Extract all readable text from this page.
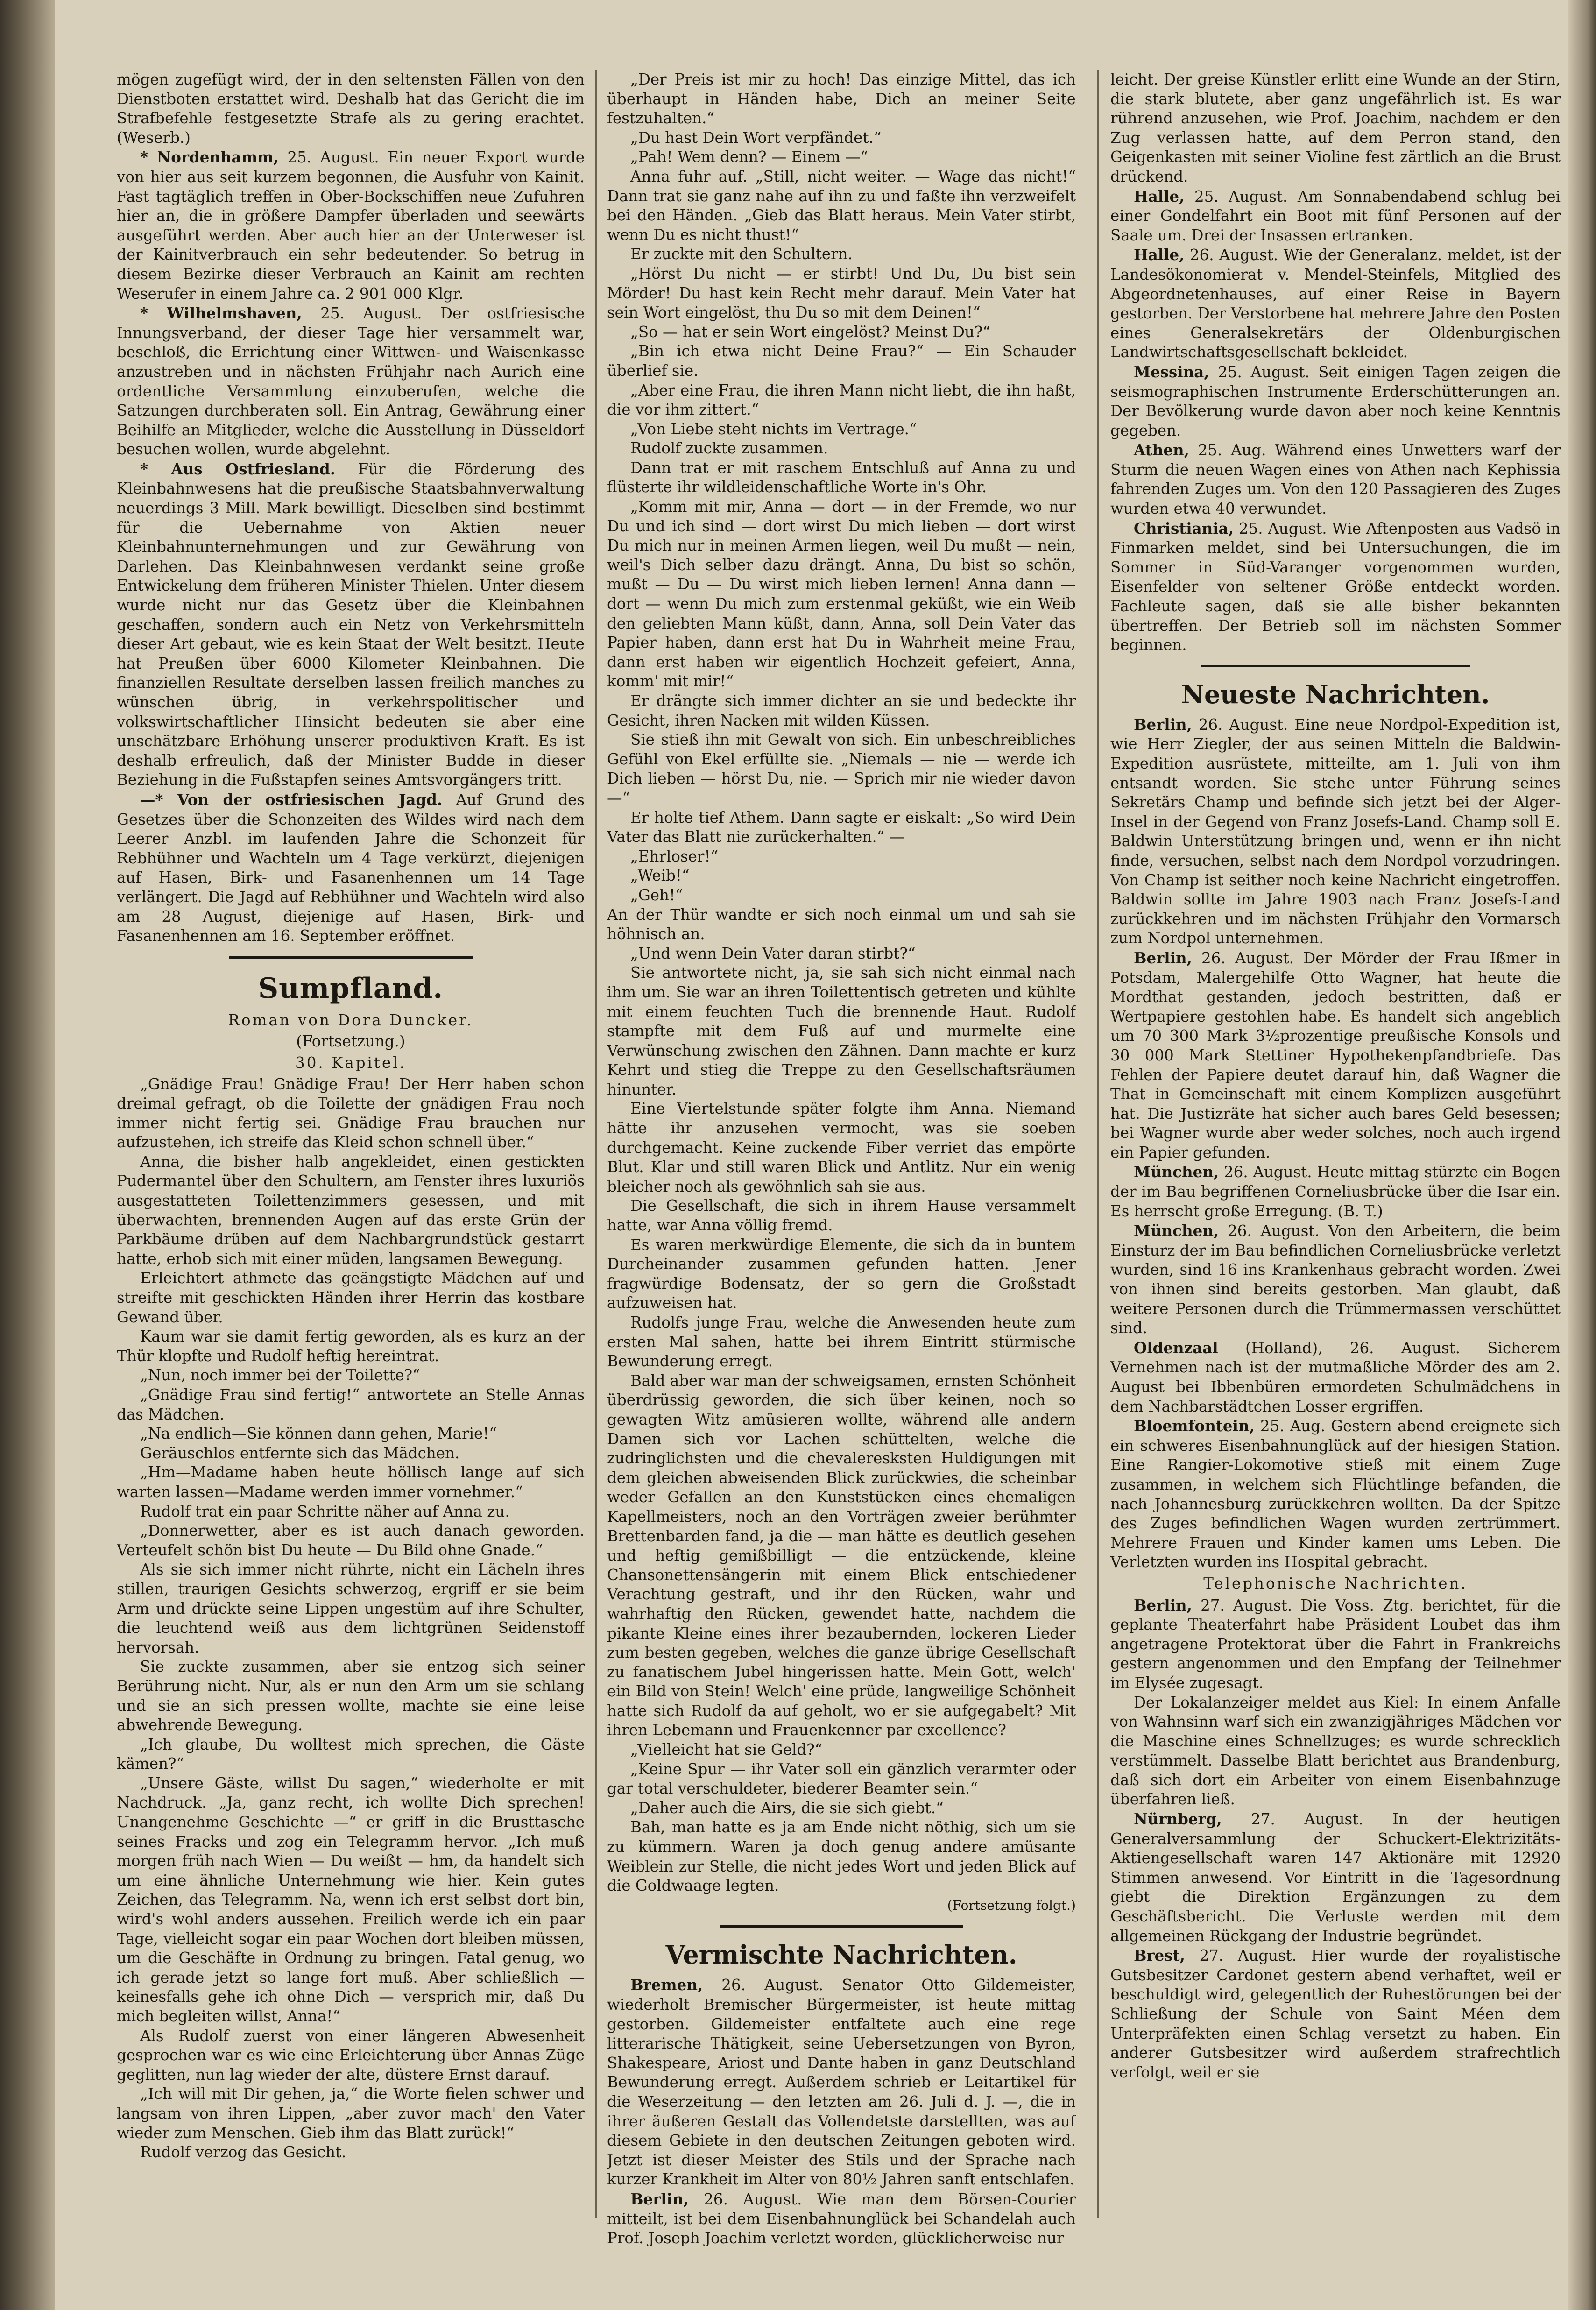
mögen zugefügt wird, der in den seltensten Fällen von den Dienstboten erstattet wird. Deshalb hat das Gericht die im Strafbefehle festgesetzte Strafe als zu gering erachtet. (Weserb.)

* Nordenhamm, 25. August. Ein neuer Export wurde von hier aus seit kurzem begonnen, die Ausfuhr von Kainit. Fast tagtäglich treffen in Ober-Bockschiffen neue Zufuhren hier an, die in größere Dampfer überladen und seewärts ausgeführt werden. Aber auch hier an der Unterweser ist der Kainitverbrauch ein sehr bedeutender. So betrug in diesem Bezirke dieser Verbrauch an Kainit am rechten Weserufer in einem Jahre ca. 2 901 000 Klgr.

* Wilhelmshaven, 25. August. Der ostfriesische Innungsverband, der dieser Tage hier versammelt war, beschloß, die Errichtung einer Wittwen- und Waisenkasse anzustreben und in nächsten Frühjahr nach Aurich eine ordentliche Versammlung einzuberufen, welche die Satzungen durchberaten soll. Ein Antrag, Gewährung einer Beihilfe an Mitglieder, welche die Ausstellung in Düsseldorf besuchen wollen, wurde abgelehnt.

* Aus Ostfriesland. Für die Förderung des Kleinbahnwesens hat die preußische Staatsbahnverwaltung neuerdings 3 Mill. Mark bewilligt. Dieselben sind bestimmt für die Uebernahme von Aktien neuer Kleinbahnunternehmungen und zur Gewährung von Darlehen. Das Kleinbahnwesen verdankt seine große Entwickelung dem früheren Minister Thielen. Unter diesem wurde nicht nur das Gesetz über die Kleinbahnen geschaffen, sondern auch ein Netz von Verkehrsmitteln dieser Art gebaut, wie es kein Staat der Welt besitzt. Heute hat Preußen über 6000 Kilometer Kleinbahnen. Die finanziellen Resultate derselben lassen freilich manches zu wünschen übrig, in verkehrspolitischer und volkswirtschaftlicher Hinsicht bedeuten sie aber eine unschätzbare Erhöhung unserer produktiven Kraft. Es ist deshalb erfreulich, daß der Minister Budde in dieser Beziehung in die Fußstapfen seines Amtsvorgängers tritt.

—* Von der ostfriesischen Jagd. Auf Grund des Gesetzes über die Schonzeiten des Wildes wird nach dem Leerer Anzbl. im laufenden Jahre die Schonzeit für Rebhühner und Wachteln um 4 Tage verkürzt, diejenigen auf Hasen, Birk- und Fasanenhennen um 14 Tage verlängert. Die Jagd auf Rebhühner und Wachteln wird also am 28 August, diejenige auf Hasen, Birk- und Fasanenhennen am 16. September eröffnet.

Sumpfland.

Roman von Dora Duncker.

(Fortsetzung.)

30. Kapitel.

„Gnädige Frau! Gnädige Frau! Der Herr haben schon dreimal gefragt, ob die Toilette der gnädigen Frau noch immer nicht fertig sei. Gnädige Frau brauchen nur aufzustehen, ich streife das Kleid schon schnell über.“

Anna, die bisher halb angekleidet, einen gestickten Pudermantel über den Schultern, am Fenster ihres luxuriös ausgestatteten Toilettenzimmers gesessen, und mit überwachten, brennenden Augen auf das erste Grün der Parkbäume drüben auf dem Nachbargrundstück gestarrt hatte, erhob sich mit einer müden, langsamen Bewegung.

Erleichtert athmete das geängstigte Mädchen auf und streifte mit geschickten Händen ihrer Herrin das kostbare Gewand über.

Kaum war sie damit fertig geworden, als es kurz an der Thür klopfte und Rudolf heftig hereintrat.

„Nun, noch immer bei der Toilette?“

„Gnädige Frau sind fertig!“ antwortete an Stelle Annas das Mädchen.

„Na endlich—Sie können dann gehen, Marie!“

Geräuschlos entfernte sich das Mädchen.

„Hm—Madame haben heute höllisch lange auf sich warten lassen—Madame werden immer vornehmer.“

Rudolf trat ein paar Schritte näher auf Anna zu.

„Donnerwetter, aber es ist auch danach geworden. Verteufelt schön bist Du heute — Du Bild ohne Gnade.“

Als sie sich immer nicht rührte, nicht ein Lächeln ihres stillen, traurigen Gesichts schwerzog, ergriff er sie beim Arm und drückte seine Lippen ungestüm auf ihre Schulter, die leuchtend weiß aus dem lichtgrünen Seidenstoff hervorsah.

Sie zuckte zusammen, aber sie entzog sich seiner Berührung nicht. Nur, als er nun den Arm um sie schlang und sie an sich pressen wollte, machte sie eine leise abwehrende Bewegung.

„Ich glaube, Du wolltest mich sprechen, die Gäste kämen?“

„Unsere Gäste, willst Du sagen,“ wiederholte er mit Nachdruck. „Ja, ganz recht, ich wollte Dich sprechen! Unangenehme Geschichte —“ er griff in die Brusttasche seines Fracks und zog ein Telegramm hervor. „Ich muß morgen früh nach Wien — Du weißt — hm, da handelt sich um eine ähnliche Unternehmung wie hier. Kein gutes Zeichen, das Telegramm. Na, wenn ich erst selbst dort bin, wird's wohl anders aussehen. Freilich werde ich ein paar Tage, vielleicht sogar ein paar Wochen dort bleiben müssen, um die Geschäfte in Ordnung zu bringen. Fatal genug, wo ich gerade jetzt so lange fort muß. Aber schließlich — keinesfalls gehe ich ohne Dich — versprich mir, daß Du mich begleiten willst, Anna!“

Als Rudolf zuerst von einer längeren Abwesenheit gesprochen war es wie eine Erleichterung über Annas Züge geglitten, nun lag wieder der alte, düstere Ernst darauf.

„Ich will mit Dir gehen, ja,“ die Worte fielen schwer und langsam von ihren Lippen, „aber zuvor mach' den Vater wieder zum Menschen. Gieb ihm das Blatt zurück!“

Rudolf verzog das Gesicht.

„Der Preis ist mir zu hoch! Das einzige Mittel, das ich überhaupt in Händen habe, Dich an meiner Seite festzuhalten.“

„Du hast Dein Wort verpfändet.“

„Pah! Wem denn? — Einem —“

Anna fuhr auf. „Still, nicht weiter. — Wage das nicht!“ Dann trat sie ganz nahe auf ihn zu und faßte ihn verzweifelt bei den Händen. „Gieb das Blatt heraus. Mein Vater stirbt, wenn Du es nicht thust!“

Er zuckte mit den Schultern.

„Hörst Du nicht — er stirbt! Und Du, Du bist sein Mörder! Du hast kein Recht mehr darauf. Mein Vater hat sein Wort eingelöst, thu Du so mit dem Deinen!“

„So — hat er sein Wort eingelöst? Meinst Du?“

„Bin ich etwa nicht Deine Frau?“ — Ein Schauder überlief sie.

„Aber eine Frau, die ihren Mann nicht liebt, die ihn haßt, die vor ihm zittert.“

„Von Liebe steht nichts im Vertrage.“

Rudolf zuckte zusammen.

Dann trat er mit raschem Entschluß auf Anna zu und flüsterte ihr wildleidenschaftliche Worte in's Ohr.

„Komm mit mir, Anna — dort — in der Fremde, wo nur Du und ich sind — dort wirst Du mich lieben — dort wirst Du mich nur in meinen Armen liegen, weil Du mußt — nein, weil's Dich selber dazu drängt. Anna, Du bist so schön, mußt — Du — Du wirst mich lieben lernen! Anna dann — dort — wenn Du mich zum erstenmal geküßt, wie ein Weib den geliebten Mann küßt, dann, Anna, soll Dein Vater das Papier haben, dann erst hat Du in Wahrheit meine Frau, dann erst haben wir eigentlich Hochzeit gefeiert, Anna, komm' mit mir!“

Er drängte sich immer dichter an sie und bedeckte ihr Gesicht, ihren Nacken mit wilden Küssen.

Sie stieß ihn mit Gewalt von sich. Ein unbeschreibliches Gefühl von Ekel erfüllte sie. „Niemals — nie — werde ich Dich lieben — hörst Du, nie. — Sprich mir nie wieder davon —“

Er holte tief Athem. Dann sagte er eiskalt: „So wird Dein Vater das Blatt nie zurückerhalten.“ —

„Ehrloser!“

„Weib!“

„Geh!“

An der Thür wandte er sich noch einmal um und sah sie höhnisch an.

„Und wenn Dein Vater daran stirbt?“

Sie antwortete nicht, ja, sie sah sich nicht einmal nach ihm um. Sie war an ihren Toilettentisch getreten und kühlte mit einem feuchten Tuch die brennende Haut. Rudolf stampfte mit dem Fuß auf und murmelte eine Verwünschung zwischen den Zähnen. Dann machte er kurz Kehrt und stieg die Treppe zu den Gesellschaftsräumen hinunter.

Eine Viertelstunde später folgte ihm Anna. Niemand hätte ihr anzusehen vermocht, was sie soeben durchgemacht. Keine zuckende Fiber verriet das empörte Blut. Klar und still waren Blick und Antlitz. Nur ein wenig bleicher noch als gewöhnlich sah sie aus.

Die Gesellschaft, die sich in ihrem Hause versammelt hatte, war Anna völlig fremd.

Es waren merkwürdige Elemente, die sich da in buntem Durcheinander zusammen gefunden hatten. Jener fragwürdige Bodensatz, der so gern die Großstadt aufzuweisen hat.

Rudolfs junge Frau, welche die Anwesenden heute zum ersten Mal sahen, hatte bei ihrem Eintritt stürmische Bewunderung erregt.

Bald aber war man der schweigsamen, ernsten Schönheit überdrüssig geworden, die sich über keinen, noch so gewagten Witz amüsieren wollte, während alle andern Damen sich vor Lachen schüttelten, welche die zudringlichsten und die chevaleresksten Huldigungen mit dem gleichen abweisenden Blick zurückwies, die scheinbar weder Gefallen an den Kunststücken eines ehemaligen Kapellmeisters, noch an den Vorträgen zweier berühmter Brettenbarden fand, ja die — man hätte es deutlich gesehen und heftig gemißbilligt — die entzückende, kleine Chansonettensängerin mit einem Blick entschiedener Verachtung gestraft, und ihr den Rücken, wahr und wahrhaftig den Rücken, gewendet hatte, nachdem die pikante Kleine eines ihrer bezaubernden, lockeren Lieder zum besten gegeben, welches die ganze übrige Gesellschaft zu fanatischem Jubel hingerissen hatte. Mein Gott, welch' ein Bild von Stein! Welch' eine prüde, langweilige Schönheit hatte sich Rudolf da auf geholt, wo er sie aufgegabelt? Mit ihren Lebemann und Frauenkenner par excellence?

„Vielleicht hat sie Geld?“

„Keine Spur — ihr Vater soll ein gänzlich verarmter oder gar total verschuldeter, biederer Beamter sein.“

„Daher auch die Airs, die sie sich giebt.“

Bah, man hatte es ja am Ende nicht nöthig, sich um sie zu kümmern. Waren ja doch genug andere amüsante Weiblein zur Stelle, die nicht jedes Wort und jeden Blick auf die Goldwaage legten.

(Fortsetzung folgt.)

Vermischte Nachrichten.

Bremen, 26. August. Senator Otto Gildemeister, wiederholt Bremischer Bürgermeister, ist heute mittag gestorben. Gildemeister entfaltete auch eine rege litterarische Thätigkeit, seine Uebersetzungen von Byron, Shakespeare, Ariost und Dante haben in ganz Deutschland Bewunderung erregt. Außerdem schrieb er Leitartikel für die Weserzeitung — den letzten am 26. Juli d. J. —, die in ihrer äußeren Gestalt das Vollendetste darstellten, was auf diesem Gebiete in den deutschen Zeitungen geboten wird. Jetzt ist dieser Meister des Stils und der Sprache nach kurzer Krankheit im Alter von 80½ Jahren sanft entschlafen.

Berlin, 26. August. Wie man dem Börsen-Courier mitteilt, ist bei dem Eisenbahnunglück bei Schandelah auch Prof. Joseph Joachim verletzt worden, glücklicherweise nur

leicht. Der greise Künstler erlitt eine Wunde an der Stirn, die stark blutete, aber ganz ungefährlich ist. Es war rührend anzusehen, wie Prof. Joachim, nachdem er den Zug verlassen hatte, auf dem Perron stand, den Geigenkasten mit seiner Violine fest zärtlich an die Brust drückend.

Halle, 25. August. Am Sonnabendabend schlug bei einer Gondelfahrt ein Boot mit fünf Personen auf der Saale um. Drei der Insassen ertranken.

Halle, 26. August. Wie der Generalanz. meldet, ist der Landesökonomierat v. Mendel-Steinfels, Mitglied des Abgeordnetenhauses, auf einer Reise in Bayern gestorben. Der Verstorbene hat mehrere Jahre den Posten eines Generalsekretärs der Oldenburgischen Landwirtschaftsgesellschaft bekleidet.

Messina, 25. August. Seit einigen Tagen zeigen die seismographischen Instrumente Erderschütterungen an. Der Bevölkerung wurde davon aber noch keine Kenntnis gegeben.

Athen, 25. Aug. Während eines Unwetters warf der Sturm die neuen Wagen eines von Athen nach Kephissia fahrenden Zuges um. Von den 120 Passagieren des Zuges wurden etwa 40 verwundet.

Christiania, 25. August. Wie Aftenposten aus Vadsö in Finmarken meldet, sind bei Untersuchungen, die im Sommer in Süd-Varanger vorgenommen wurden, Eisenfelder von seltener Größe entdeckt worden. Fachleute sagen, daß sie alle bisher bekannten übertreffen. Der Betrieb soll im nächsten Sommer beginnen.

Neueste Nachrichten.

Berlin, 26. August. Eine neue Nordpol-Expedition ist, wie Herr Ziegler, der aus seinen Mitteln die Baldwin-Expedition ausrüstete, mitteilte, am 1. Juli von ihm entsandt worden. Sie stehe unter Führung seines Sekretärs Champ und befinde sich jetzt bei der Alger-Insel in der Gegend von Franz Josefs-Land. Champ soll E. Baldwin Unterstützung bringen und, wenn er ihn nicht finde, versuchen, selbst nach dem Nordpol vorzudringen. Von Champ ist seither noch keine Nachricht eingetroffen. Baldwin sollte im Jahre 1903 nach Franz Josefs-Land zurückkehren und im nächsten Frühjahr den Vormarsch zum Nordpol unternehmen.

Berlin, 26. August. Der Mörder der Frau Ißmer in Potsdam, Malergehilfe Otto Wagner, hat heute die Mordthat gestanden, jedoch bestritten, daß er Wertpapiere gestohlen habe. Es handelt sich angeblich um 70 300 Mark 3½prozentige preußische Konsols und 30 000 Mark Stettiner Hypothekenpfandbriefe. Das Fehlen der Papiere deutet darauf hin, daß Wagner die That in Gemeinschaft mit einem Komplizen ausgeführt hat. Die Justizräte hat sicher auch bares Geld besessen; bei Wagner wurde aber weder solches, noch auch irgend ein Papier gefunden.

München, 26. August. Heute mittag stürzte ein Bogen der im Bau begriffenen Corneliusbrücke über die Isar ein. Es herrscht große Erregung. (B. T.)

München, 26. August. Von den Arbeitern, die beim Einsturz der im Bau befindlichen Corneliusbrücke verletzt wurden, sind 16 ins Krankenhaus gebracht worden. Zwei von ihnen sind bereits gestorben. Man glaubt, daß weitere Personen durch die Trümmermassen verschüttet sind.

Oldenzaal (Holland), 26. August. Sicherem Vernehmen nach ist der mutmaßliche Mörder des am 2. August bei Ibbenbüren ermordeten Schulmädchens in dem Nachbarstädtchen Losser ergriffen.

Bloemfontein, 25. Aug. Gestern abend ereignete sich ein schweres Eisenbahnunglück auf der hiesigen Station. Eine Rangier-Lokomotive stieß mit einem Zuge zusammen, in welchem sich Flüchtlinge befanden, die nach Johannesburg zurückkehren wollten. Da der Spitze des Zuges befindlichen Wagen wurden zertrümmert. Mehrere Frauen und Kinder kamen ums Leben. Die Verletzten wurden ins Hospital gebracht.

Telephonische Nachrichten.

Berlin, 27. August. Die Voss. Ztg. berichtet, für die geplante Theaterfahrt habe Präsident Loubet das ihm angetragene Protektorat über die Fahrt in Frankreichs gestern angenommen und den Empfang der Teilnehmer im Elysée zugesagt.

Der Lokalanzeiger meldet aus Kiel: In einem Anfalle von Wahnsinn warf sich ein zwanzigjähriges Mädchen vor die Maschine eines Schnellzuges; es wurde schrecklich verstümmelt. Dasselbe Blatt berichtet aus Brandenburg, daß sich dort ein Arbeiter von einem Eisenbahnzuge überfahren ließ.

Nürnberg, 27. August. In der heutigen Generalversammlung der Schuckert-Elektrizitäts-Aktiengesellschaft waren 147 Aktionäre mit 12920 Stimmen anwesend. Vor Eintritt in die Tagesordnung giebt die Direktion Ergänzungen zu dem Geschäftsbericht. Die Verluste werden mit dem allgemeinen Rückgang der Industrie begründet.

Brest, 27. August. Hier wurde der royalistische Gutsbesitzer Cardonet gestern abend verhaftet, weil er beschuldigt wird, gelegentlich der Ruhestörungen bei der Schließung der Schule von Saint Méen dem Unterpräfekten einen Schlag versetzt zu haben. Ein anderer Gutsbesitzer wird außerdem strafrechtlich verfolgt, weil er sie
